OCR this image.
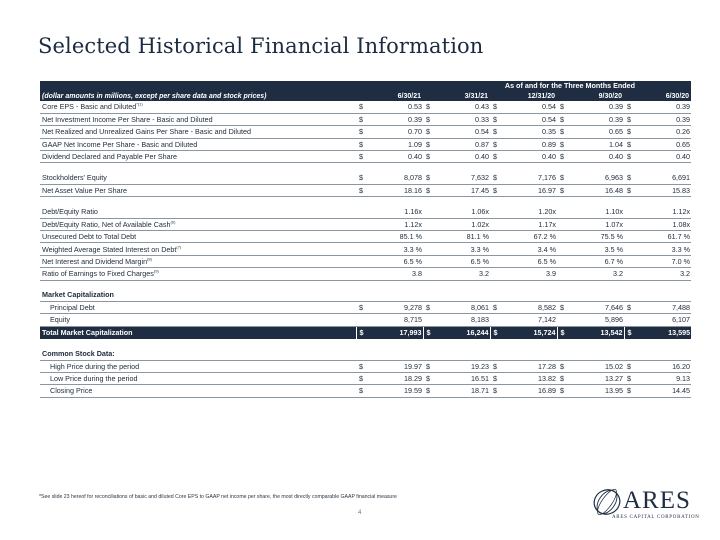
Selected Historical Financial Information
	As of and for the Three Months Ended									
(dollar amounts in millions, except per share data and stock prices)	6/30/21		3/31/21		12/31/20		9/30/20		6/30/20	
Core EPS - Basic and Diluted$^{*(1)}$	$	0.53	$	0.43	$	0.54	$	0.39	$	0.39
Net Investment Income Per Share - Basic and Diluted	$	0.39	$	0.33	$	0.54	$	0.39	$	0.39
Net Realized and Unrealized Gains Per Share - Basic and Diluted	$	0.70	$	0.54	$	0.35	$	0.65	$	0.26
GAAP Net Income Per Share - Basic and Diluted	$	1.09	$	0.87	$	0.89	$	1.04	$	0.65
Dividend Declared and Payable Per Share	$	0.40	$	0.40	$	0.40	$	0.40	$	0.40

Stockholders' Equity	$	8,078	$	7,632	$	7,176	$	6,963	$	6,691
Net Asset Value Per Share	$	18.16	$	17.45	$	16.97	$	16.48	$	15.83

Debt/Equity Ratio		1.16x		1.06x		1.20x		1.10x		1.12x
Debt/Equity Ratio, Net of Available Cash$^{(6)}$		1.12x		1.02x		1.17x		1.07x		1.08x
Unsecured Debt to Total Debt		85.1 %		81.1 %		67.2 %		75.5 %		61.7 %
Weighted Average Stated Interest on Debt$^{(7)}$		3.3 %		3.3 %		3.4 %		3.5 %		3.3 %
Net Interest and Dividend Margin$^{(8)}$		6.5 %		6.5 %		6.5 %		6.7 %		7.0 %
Ratio of Earnings to Fixed Charges$^{(9)}$		3.8		3.2		3.9		3.2		3.2

Market Capitalization										
Principal Debt	$	9,278	$	8,061	$	8,582	$	7,646	$	7,488
Equity		8,715		8,183		7,142		5,896		6,107
Total Market Capitalization	$	17,993	$	16,244	$	15,724	$	13,542	$	13,595

Common Stock Data:										
High Price during the period	$	19.97	$	19.23	$	17.28	$	15.02	$	16.20
Low Price during the period	$	18.29	$	16.51	$	13.82	$	13.27	$	9.13
Closing Price	$	19.59	$	18.71	$	16.89	$	13.95	$	14.45
*See slide 23 hereof for reconciliations of basic and diluted Core EPS to GAAP net income per share, the most directly comparable GAAP financial measure
4	ARES
ARES CAPITAL CORPORATION
